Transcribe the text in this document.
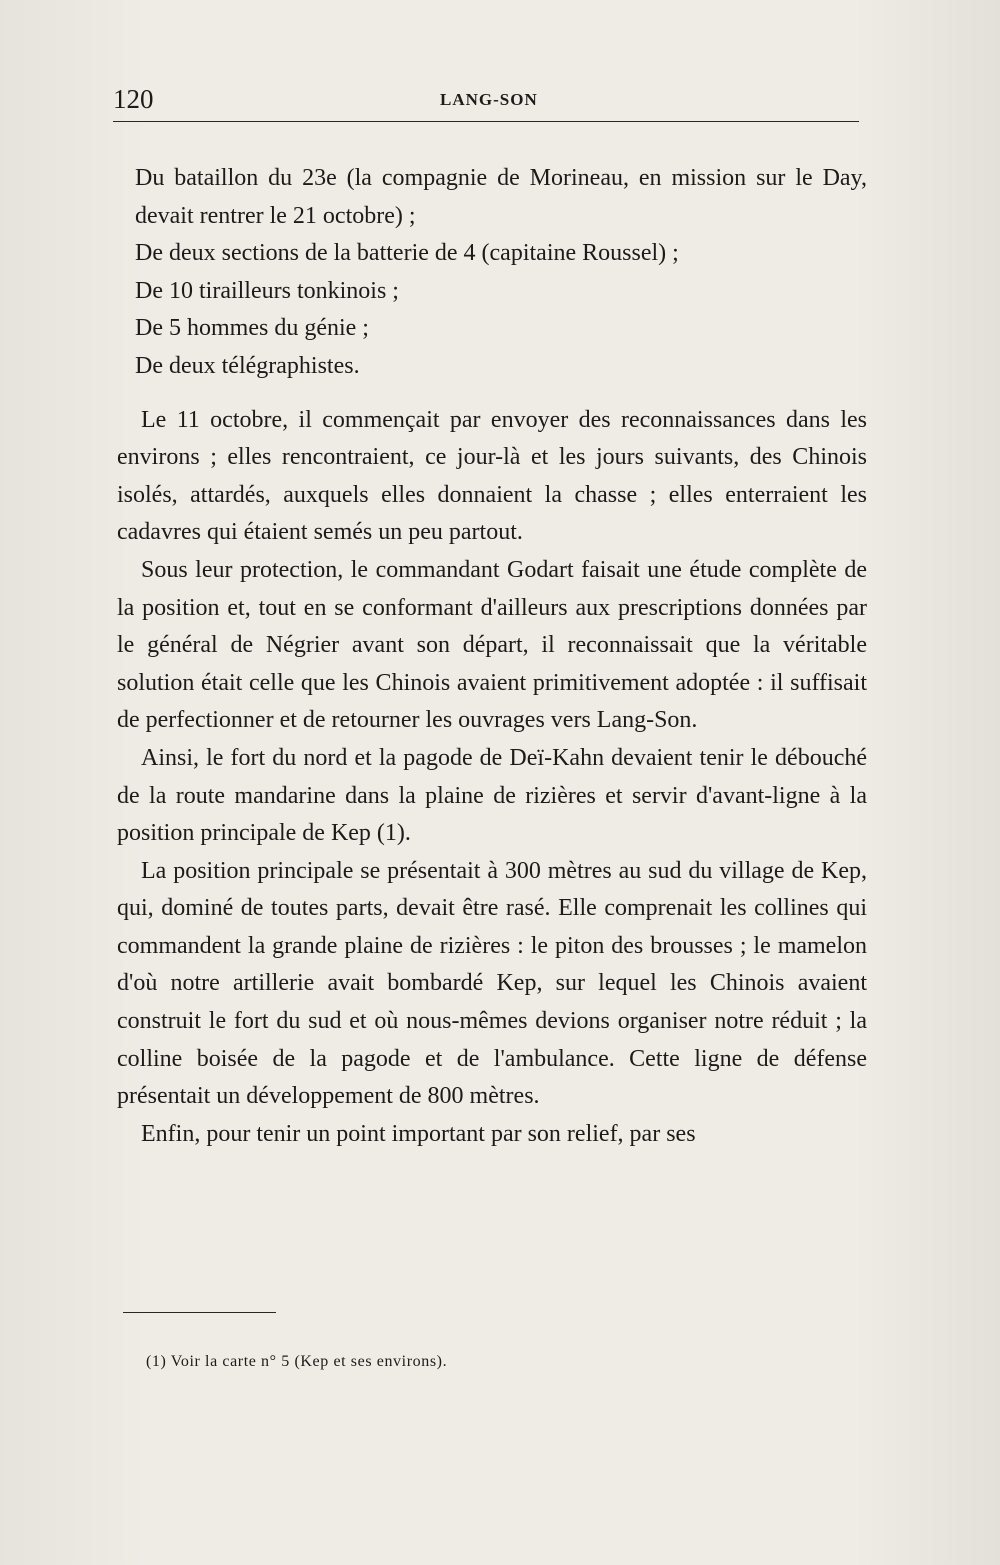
120	LANG-SON

Du bataillon du 23e (la compagnie de Morineau, en mission sur le Day, devait rentrer le 21 octobre) ;

De deux sections de la batterie de 4 (capitaine Roussel) ;

De 10 tirailleurs tonkinois ;

De 5 hommes du génie ;

De deux télégraphistes.

Le 11 octobre, il commençait par envoyer des reconnaissances dans les environs ; elles rencontraient, ce jour-là et les jours suivants, des Chinois isolés, attardés, auxquels elles donnaient la chasse ; elles enterraient les cadavres qui étaient semés un peu partout.

Sous leur protection, le commandant Godart faisait une étude complète de la position et, tout en se conformant d'ailleurs aux prescriptions données par le général de Négrier avant son départ, il reconnaissait que la véritable solution était celle que les Chinois avaient primitivement adoptée : il suffisait de perfectionner et de retourner les ouvrages vers Lang-Son.

Ainsi, le fort du nord et la pagode de Deï-Kahn devaient tenir le débouché de la route mandarine dans la plaine de rizières et servir d'avant-ligne à la position principale de Kep (1).

La position principale se présentait à 300 mètres au sud du village de Kep, qui, dominé de toutes parts, devait être rasé. Elle comprenait les collines qui commandent la grande plaine de rizières : le piton des brousses ; le mamelon d'où notre artillerie avait bombardé Kep, sur lequel les Chinois avaient construit le fort du sud et où nous-mêmes devions organiser notre réduit ; la colline boisée de la pagode et de l'ambulance. Cette ligne de défense présentait un développement de 800 mètres.

Enfin, pour tenir un point important par son relief, par ses

(1) Voir la carte n° 5 (Kep et ses environs).
